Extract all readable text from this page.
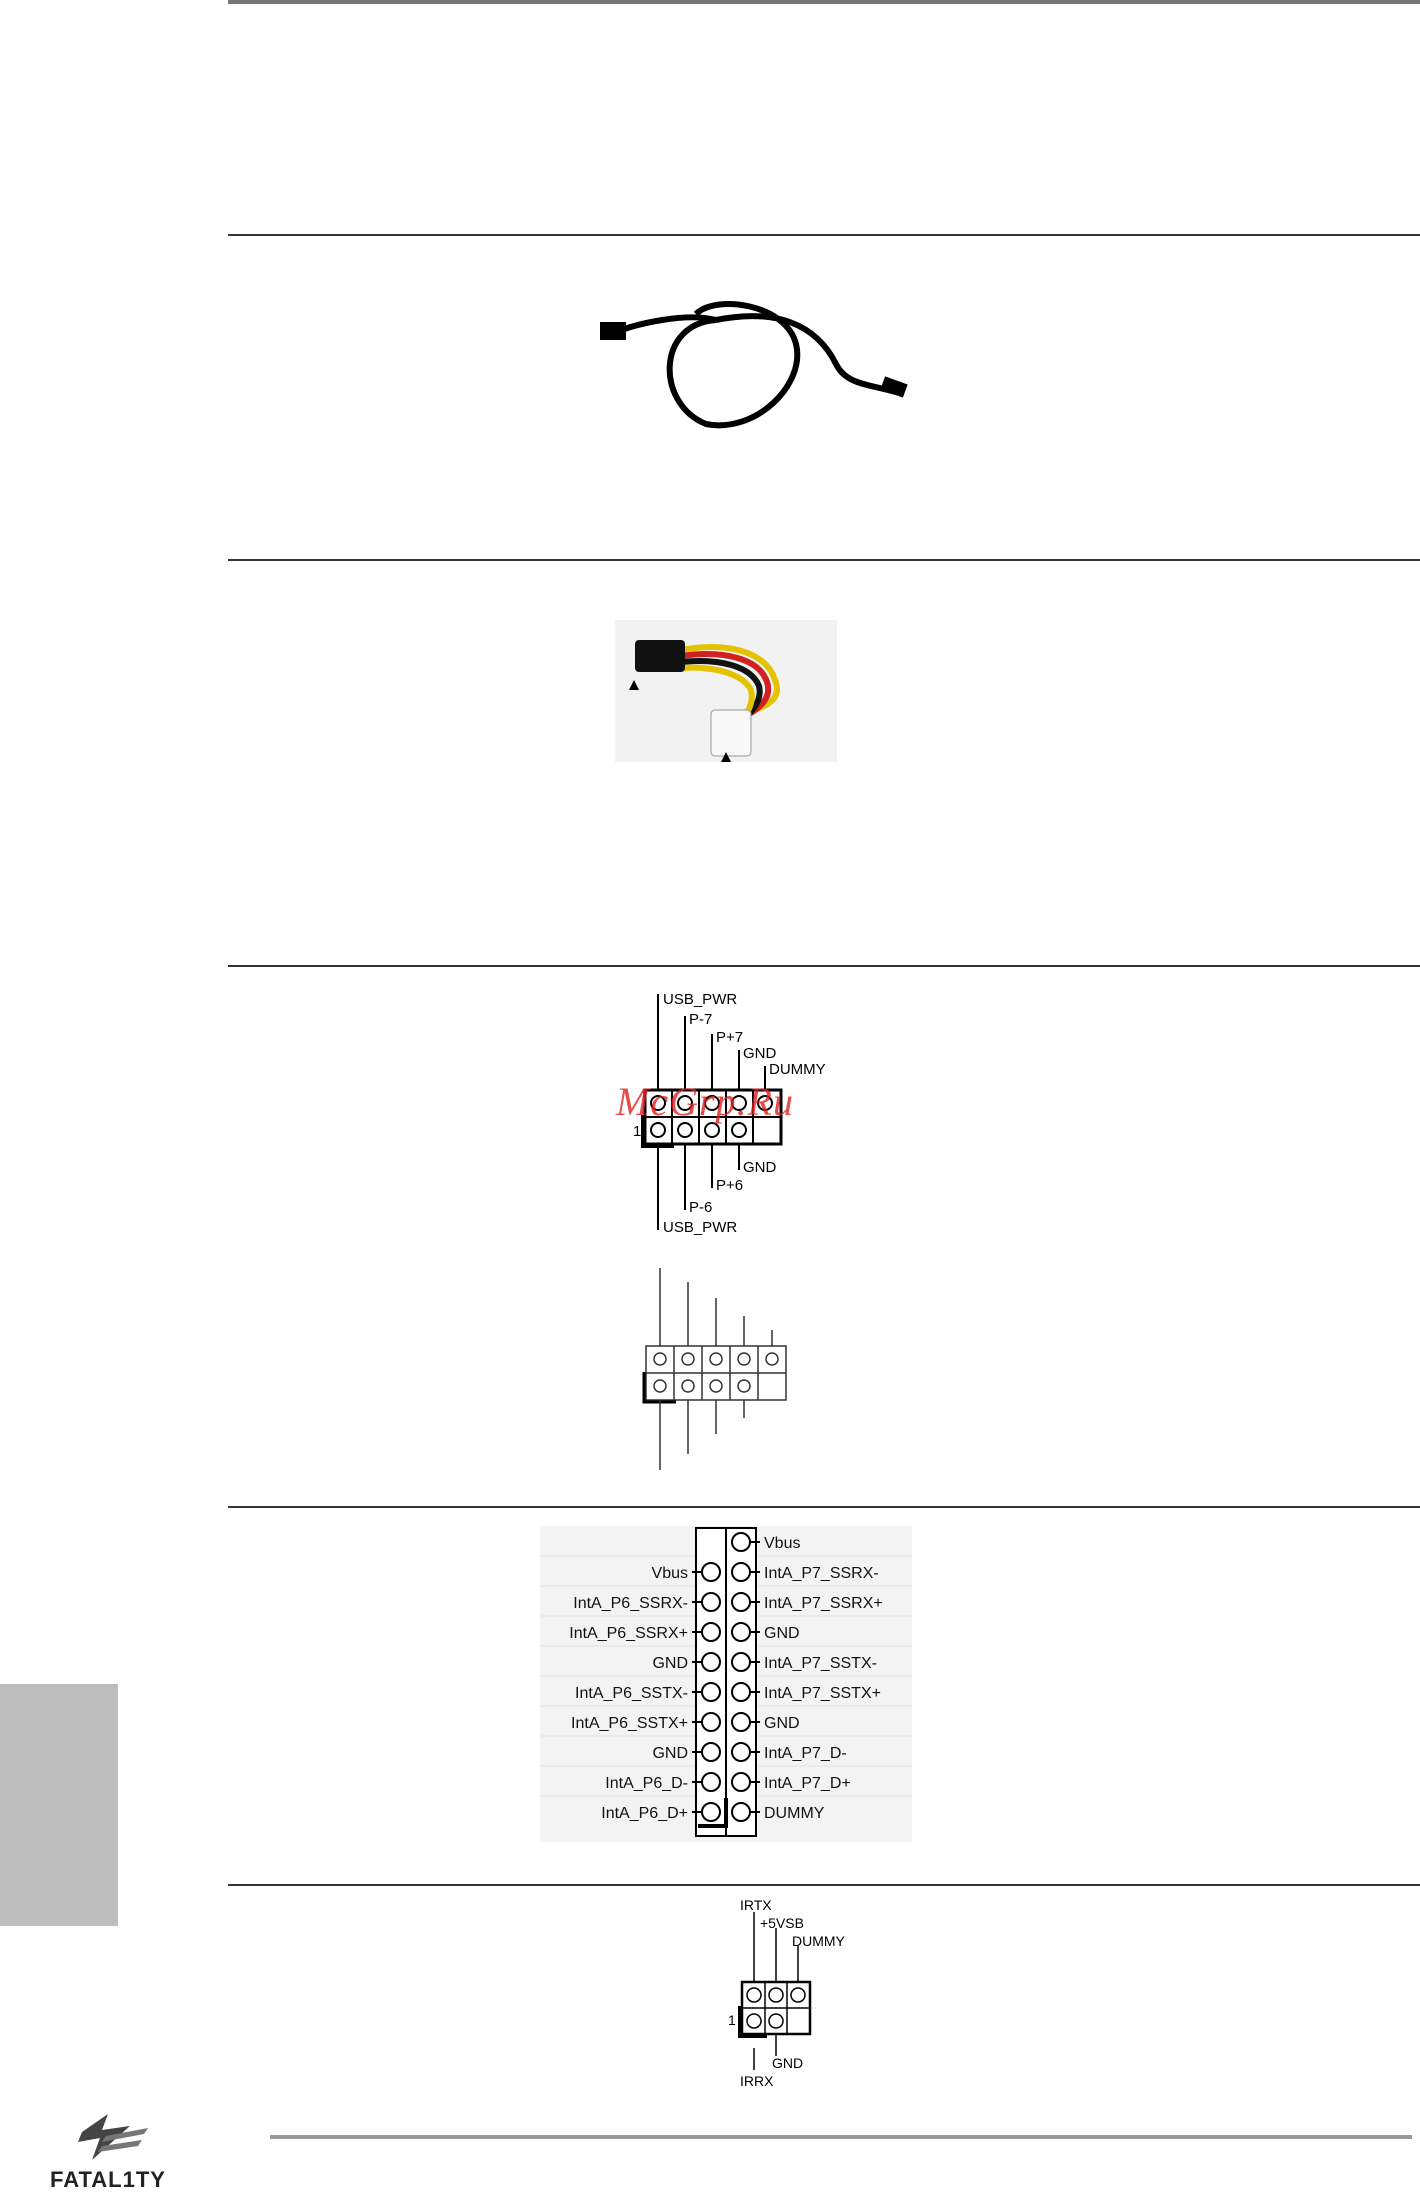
USB_PWR
P-7
P+7
GND
DUMMY
1
GND
P+6
P-6
USB_PWR
McGrp.Ru
Vbus
IntA_P7_SSRX-
IntA_P7_SSRX+
GND
IntA_P7_SSTX-
IntA_P7_SSTX+
GND
IntA_P7_D-
IntA_P7_D+
DUMMY
Vbus
IntA_P6_SSRX-
IntA_P6_SSRX+
GND
IntA_P6_SSTX-
IntA_P6_SSTX+
GND
IntA_P6_D-
IntA_P6_D+
IRTX
+5VSB
DUMMY
1
GND
IRRX
FATAL1TY
